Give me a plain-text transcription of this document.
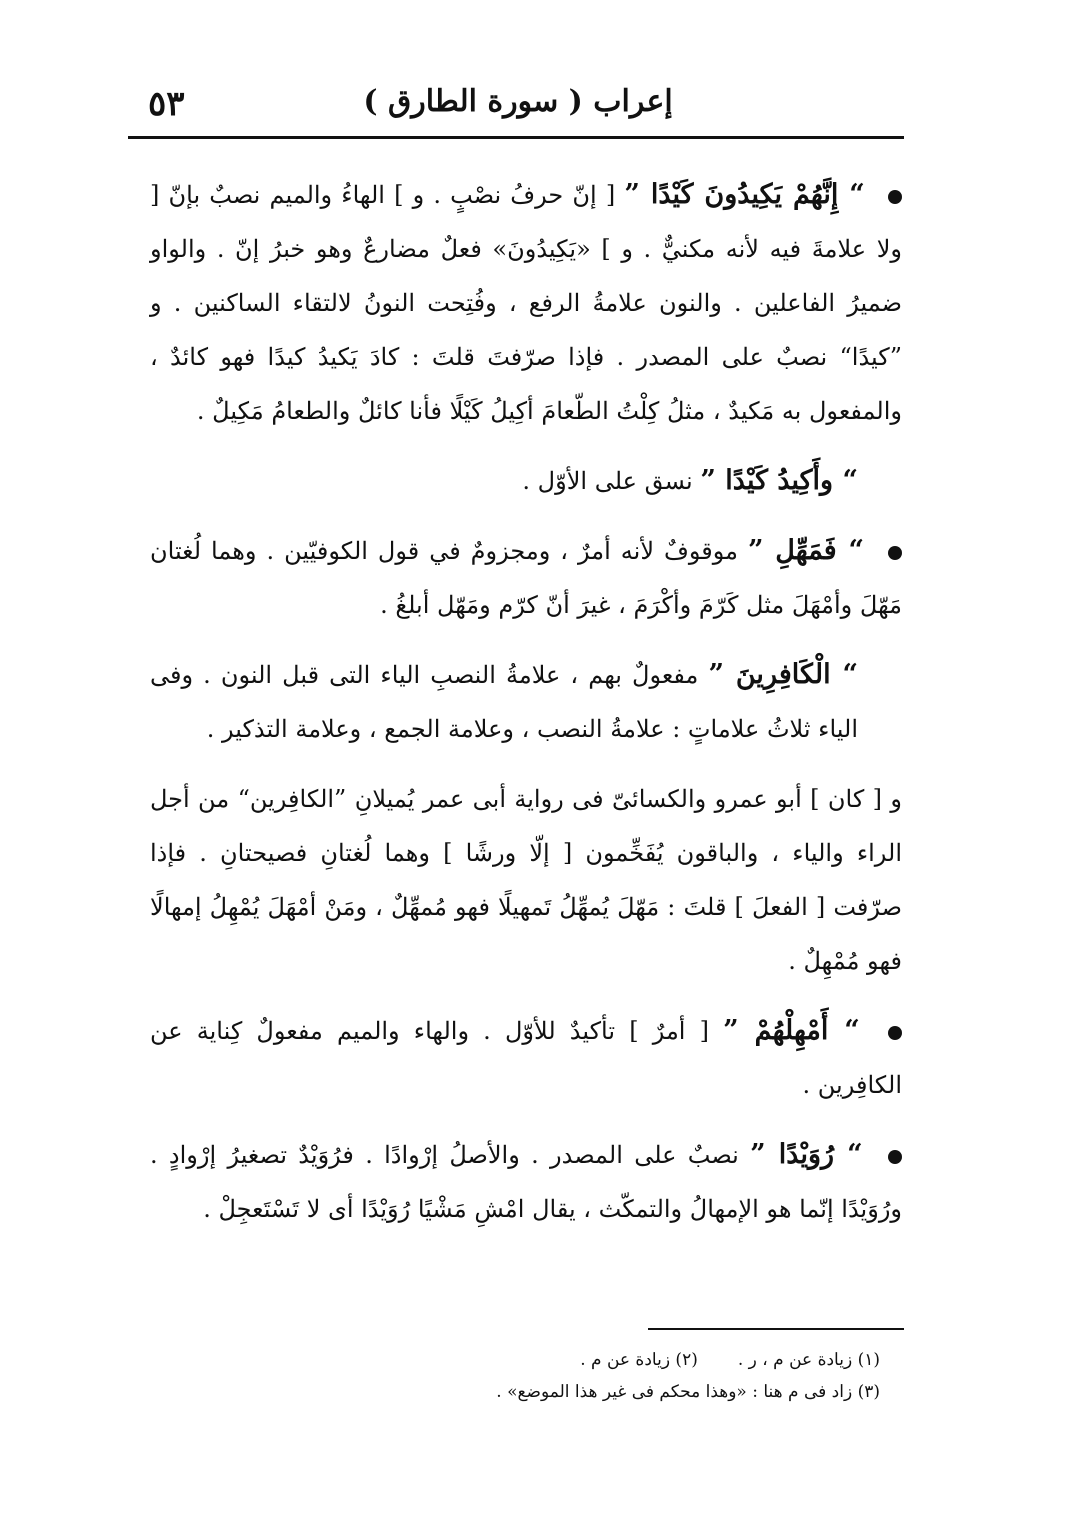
٥٣	إعراب ( سورة الطارق )

“ إِنَّهُمْ يَكِيدُونَ كَيْدًا ” [ إنّ حرفُ نصْبٍ . و ] الهاءُ والميم نصبٌ بإنّ [ ولا علامةَ فيه لأنه مكنيٌّ . و ] «يَكِيدُونَ» فعلٌ مضارعٌ وهو خبرُ إنّ . والواو ضميرُ الفاعلين . والنون علامةُ الرفع ، وفُتِحت النونُ لالتقاء الساكنين . و ”كيدًا“ نصبٌ على المصدر . فإذا صرّفتَ قلتَ : كادَ يَكيدُ كيدًا فهو كائدٌ ، والمفعول به مَكيدٌ ، مثلُ كِلْتُ الطّعامَ أكِيلُ كَيْلًا فأنا كائلٌ والطعامُ مَكِيلٌ .

“ وأَكِيدُ كَيْدًا ” نسق على الأوّل .

“ فَمَهِّلِ ” موقوفٌ لأنه أمرٌ ، ومجزومٌ في قول الكوفيّين . وهما لُغتان مَهّلَ وأمْهَلَ مثل كَرّمَ وأكْرَمَ ، غيرَ أنّ كرّم ومَهّل أبلغُ .

“ الْكَافِرِينَ ” مفعولٌ بهم ، علامةُ النصبِ الياء التى قبل النون . وفى الياء ثلاثُ علاماتٍ : علامةُ النصب ، وعلامة الجمع ، وعلامة التذكير .

و [ كان ] أبو عمرو والكسائىّ فى رواية أبى عمر يُميلانِ ”الكافِرين“ من أجل الراء والياء ، والباقون يُفَخِّمون [ إلّا ورشًا ] وهما لُغتانِ فصيحتانِ . فإذا صرّفت [ الفعلَ ] قلتَ : مَهّلَ يُمهِّلُ تَمهيلًا فهو مُمهِّلٌ ، ومَنْ أمْهَلَ يُمْهِلُ إمهالًا فهو مُمْهِلٌ .

“ أَمْهِلْهُمْ ” [ أمرٌ ] تأكيدٌ للأوّل . والهاء والميم مفعولٌ كِناية عن الكافِرين .

“ رُوَيْدًا ” نصبٌ على المصدر . والأصلُ إرْوادًا . فرُوَيْدٌ تصغيرُ إرْوادٍ . ورُوَيْدًا إنّما هو الإمهالُ والتمكّث ، يقال امْشِ مَشْيًا رُوَيْدًا أى لا تَسْتَعجِلْ .

(١) زيادة عن م ، ر .
(٢) زيادة عن م .
(٣) زاد فى م هنا : «وهذا محكم فى غير هذا الموضع» .
